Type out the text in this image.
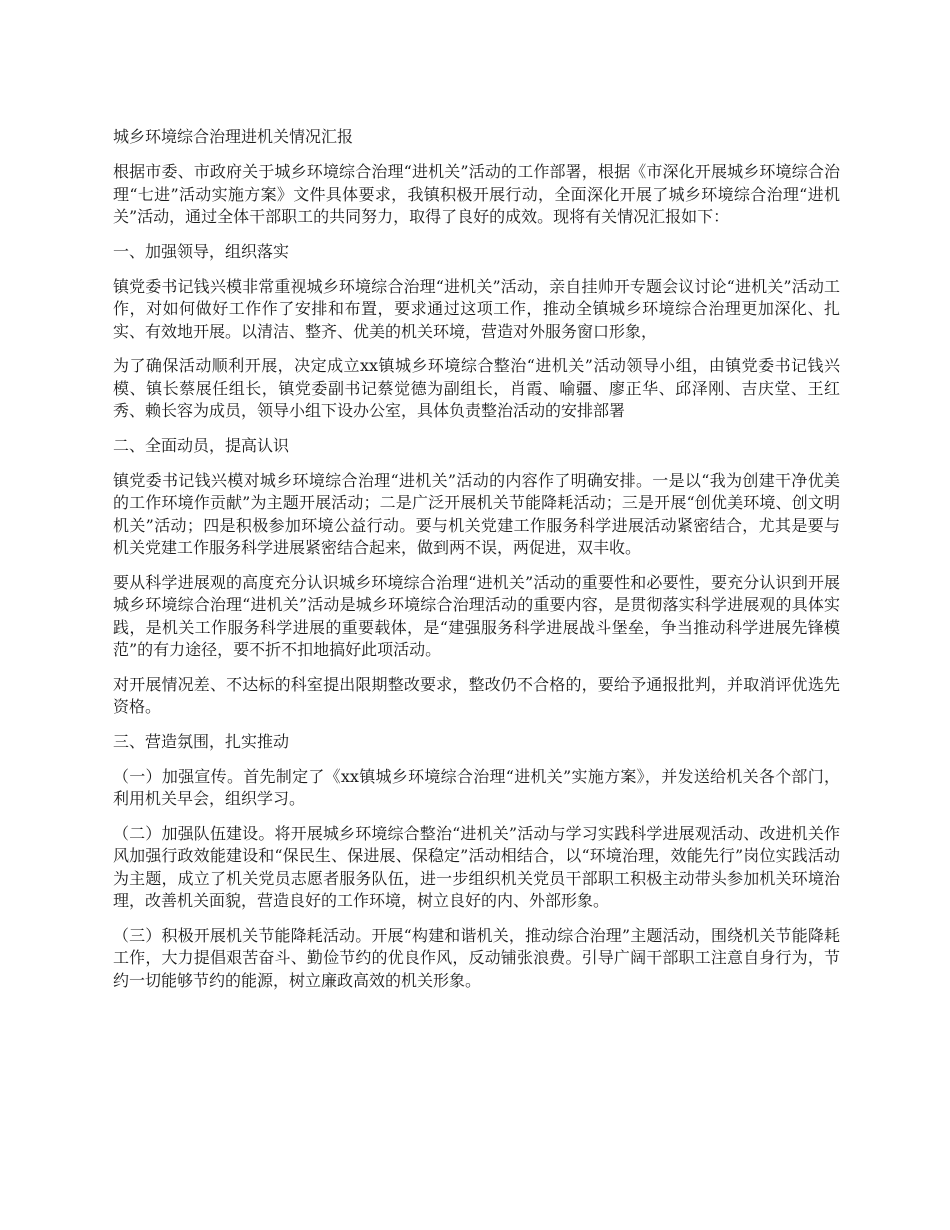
城乡环境综合治理进机关情况汇报
根据市委、市政府关于城乡环境综合治理“进机关”活动的工作部署，根据《市深化开展城乡环境综合治理“七进”活动实施方案》文件具体要求，我镇积极开展行动，全面深化开展了城乡环境综合治理“进机关”活动，通过全体干部职工的共同努力，取得了良好的成效。现将有关情况汇报如下：
一、加强领导，组织落实
镇党委书记钱兴模非常重视城乡环境综合治理“进机关”活动，亲自挂帅开专题会议讨论“进机关”活动工作，对如何做好工作作了安排和布置，要求通过这项工作，推动全镇城乡环境综合治理更加深化、扎实、有效地开展。以清洁、整齐、优美的机关环境，营造对外服务窗口形象，
为了确保活动顺利开展，决定成立xx镇城乡环境综合整治“进机关”活动领导小组，由镇党委书记钱兴模、镇长蔡展任组长，镇党委副书记蔡觉德为副组长，肖霞、喻疆、廖正华、邱泽刚、吉庆堂、王红秀、赖长容为成员，领导小组下设办公室，具体负责整治活动的安排部署
二、全面动员，提高认识
镇党委书记钱兴模对城乡环境综合治理“进机关”活动的内容作了明确安排。一是以“我为创建干净优美的工作环境作贡献”为主题开展活动；二是广泛开展机关节能降耗活动；三是开展“创优美环境、创文明机关”活动；四是积极参加环境公益行动。要与机关党建工作服务科学进展活动紧密结合，尤其是要与机关党建工作服务科学进展紧密结合起来，做到两不误，两促进，双丰收。
要从科学进展观的高度充分认识城乡环境综合治理“进机关”活动的重要性和必要性，要充分认识到开展城乡环境综合治理“进机关”活动是城乡环境综合治理活动的重要内容，是贯彻落实科学进展观的具体实践，是机关工作服务科学进展的重要载体，是“建强服务科学进展战斗堡垒，争当推动科学进展先锋模范”的有力途径，要不折不扣地搞好此项活动。
对开展情况差、不达标的科室提出限期整改要求，整改仍不合格的，要给予通报批判，并取消评优选先资格。
三、营造氛围，扎实推动
（一）加强宣传。首先制定了《xx镇城乡环境综合治理“进机关”实施方案》，并发送给机关各个部门，利用机关早会，组织学习。
（二）加强队伍建设。将开展城乡环境综合整治“进机关”活动与学习实践科学进展观活动、改进机关作风加强行政效能建设和“保民生、保进展、保稳定”活动相结合，以“环境治理，效能先行”岗位实践活动为主题，成立了机关党员志愿者服务队伍，进一步组织机关党员干部职工积极主动带头参加机关环境治理，改善机关面貌，营造良好的工作环境，树立良好的内、外部形象。
（三）积极开展机关节能降耗活动。开展“构建和谐机关，推动综合治理”主题活动，围绕机关节能降耗工作，大力提倡艰苦奋斗、勤俭节约的优良作风，反动铺张浪费。引导广阔干部职工注意自身行为，节约一切能够节约的能源，树立廉政高效的机关形象。
